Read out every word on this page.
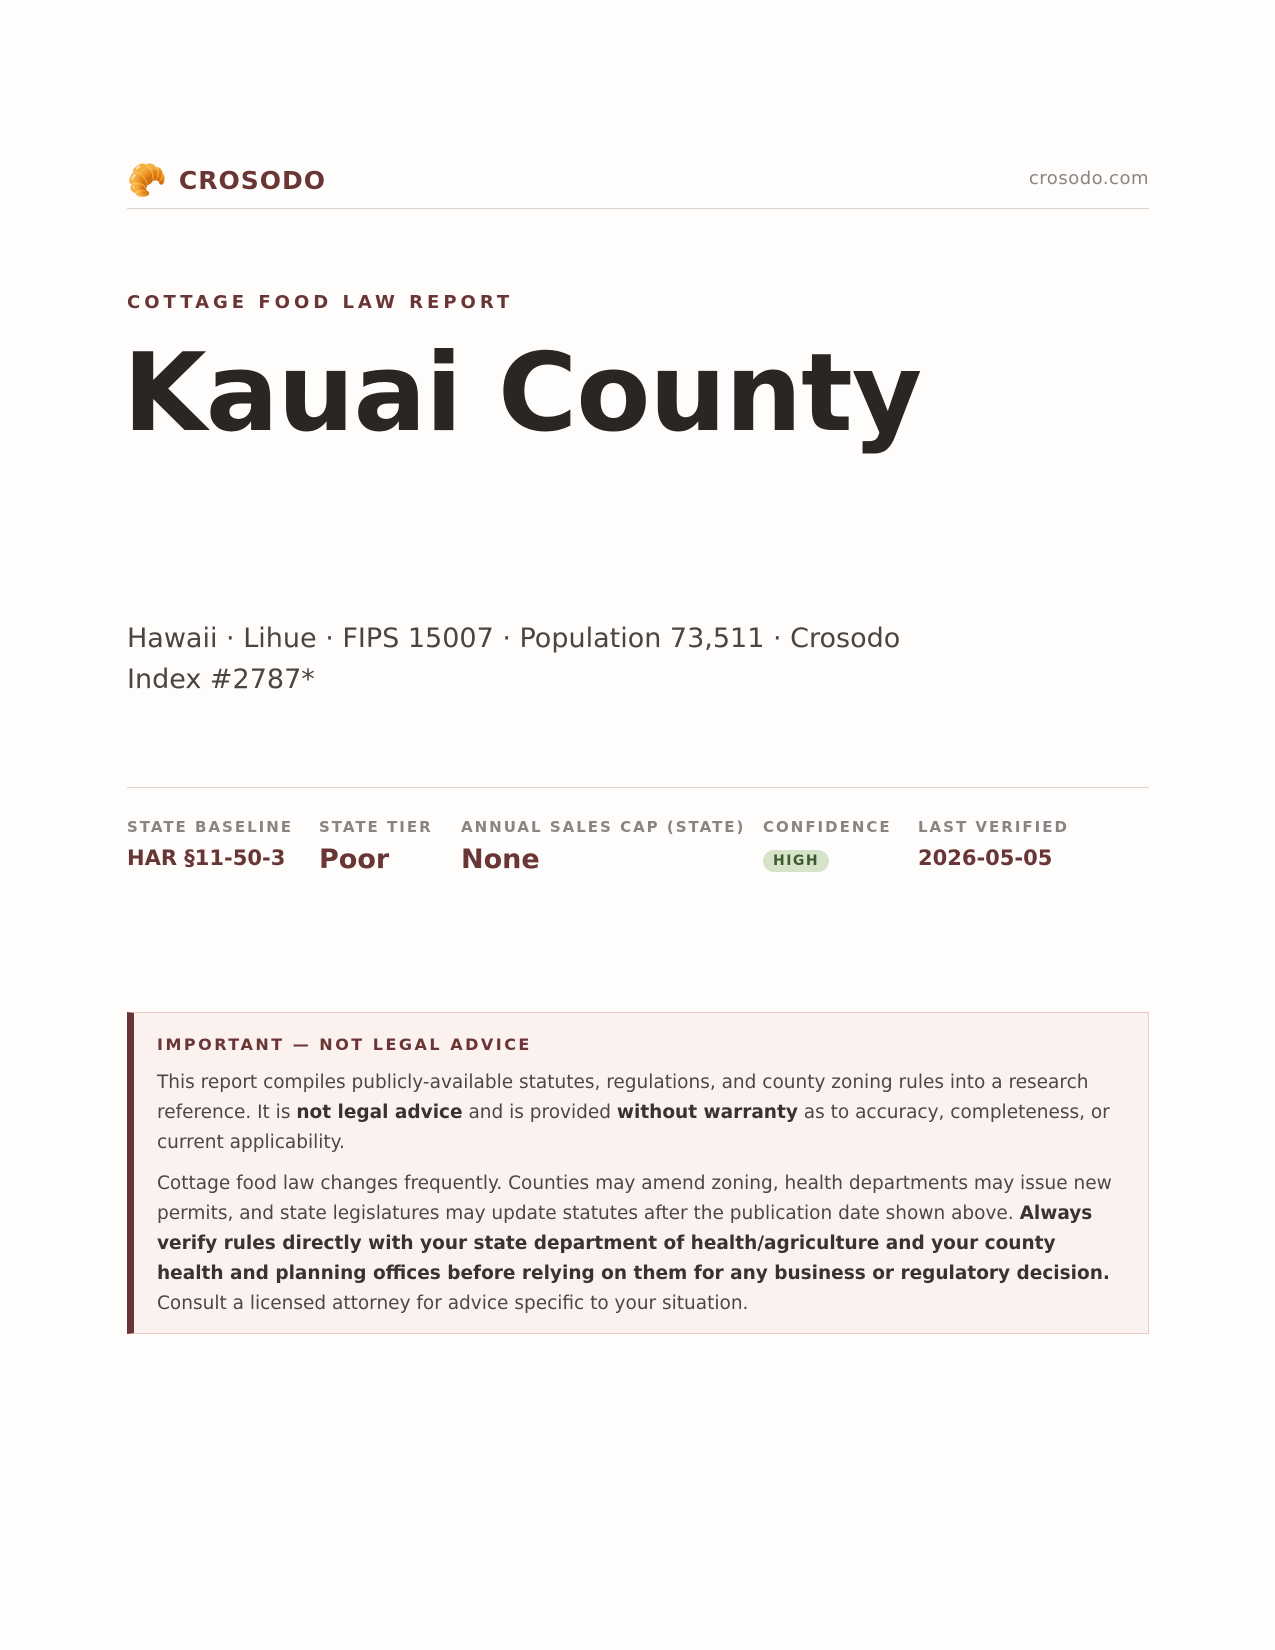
🥐 CROSODO	crosodo.com
COTTAGE FOOD LAW REPORT
Kauai County
Hawaii · Lihue · FIPS 15007 · Population 73,511 · Crosodo Index #2787*
STATE BASELINE
HAR §11-50-3
STATE TIER
Poor
ANNUAL SALES CAP (STATE)
None
CONFIDENCE
HIGH
LAST VERIFIED
2026-05-05
IMPORTANT — NOT LEGAL ADVICE

This report compiles publicly-available statutes, regulations, and county zoning rules into a research reference. It is not legal advice and is provided without warranty as to accuracy, completeness, or current applicability.

Cottage food law changes frequently. Counties may amend zoning, health departments may issue new permits, and state legislatures may update statutes after the publication date shown above. Always verify rules directly with your state department of health/agriculture and your county health and planning offices before relying on them for any business or regulatory decision. Consult a licensed attorney for advice specific to your situation.
